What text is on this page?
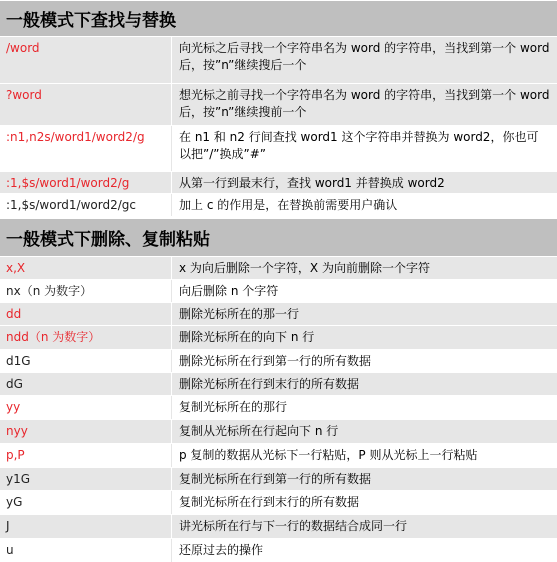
一般模式下查找与替换
/word	向光标之后寻找一个字符串名为 word 的字符串，当找到第一个 word 后，按”n”继续搜后一个
?word	想光标之前寻找一个字符串名为 word 的字符串，当找到第一个 word 后，按”n”继续搜前一个
:n1,n2s/word1/word2/g	在 n1 和 n2 行间查找 word1 这个字符串并替换为 word2，你也可以把”/”换成”#”
:1,$s/word1/word2/g	从第一行到最末行，查找 word1 并替换成 word2
:1,$s/word1/word2/gc	加上 c 的作用是，在替换前需要用户确认
一般模式下删除、复制粘贴
x,X	x 为向后删除一个字符，X 为向前删除一个字符
nx（n 为数字）	向后删除 n 个字符
dd	删除光标所在的那一行
ndd（n 为数字）	删除光标所在的向下 n 行
d1G	删除光标所在行到第一行的所有数据
dG	删除光标所在行到末行的所有数据
yy	复制光标所在的那行
nyy	复制从光标所在行起向下 n 行
p,P	p 复制的数据从光标下一行粘贴，P 则从光标上一行粘贴
y1G	复制光标所在行到第一行的所有数据
yG	复制光标所在行到末行的所有数据
J	讲光标所在行与下一行的数据结合成同一行
u	还原过去的操作
